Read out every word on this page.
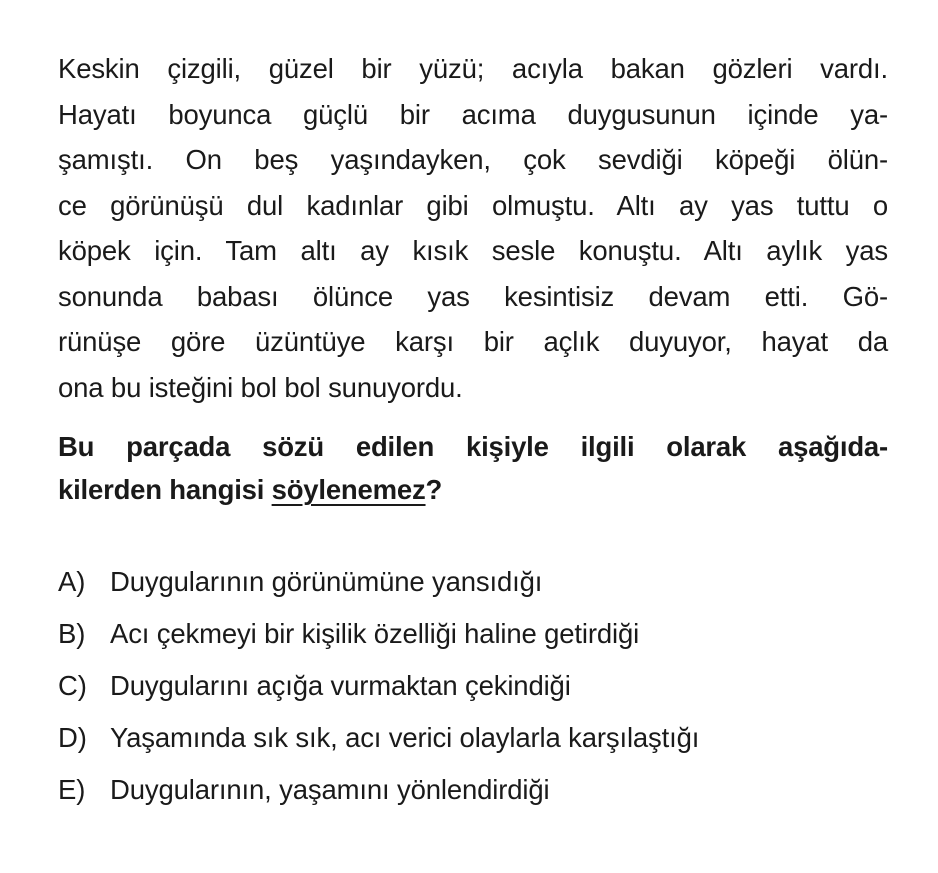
Keskin çizgili, güzel bir yüzü; acıyla bakan gözleri vardı.
Hayatı boyunca güçlü bir acıma duygusunun içinde ya-
şamıştı. On beş yaşındayken, çok sevdiği köpeği ölün-
ce görünüşü dul kadınlar gibi olmuştu. Altı ay yas tuttu o
köpek için. Tam altı ay kısık sesle konuştu. Altı aylık yas
sonunda babası ölünce yas kesintisiz devam etti. Gö-
rünüşe göre üzüntüye karşı bir açlık duyuyor, hayat da
ona bu isteğini bol bol sunuyordu.
Bu parçada sözü edilen kişiyle ilgili olarak aşağıda-
kilerden hangisi söylenemez?
A) Duygularının görünümüne yansıdığı
B) Acı çekmeyi bir kişilik özelliği haline getirdiği
C) Duygularını açığa vurmaktan çekindiği
D) Yaşamında sık sık, acı verici olaylarla karşılaştığı
E) Duygularının, yaşamını yönlendirdiği
